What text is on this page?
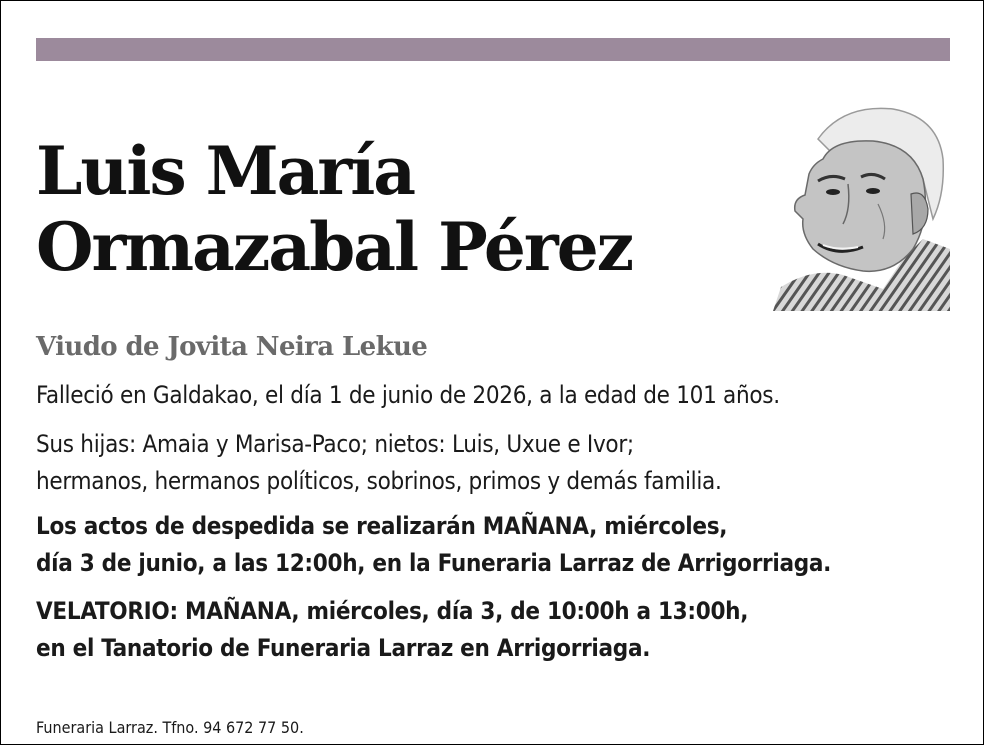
Luis María
Ormazabal Pérez

Viudo de Jovita Neira Lekue

Falleció en Galdakao, el día 1 de junio de 2026, a la edad de 101 años.

Sus hijas: Amaia y Marisa-Paco; nietos: Luis, Uxue e Ivor;
hermanos, hermanos políticos, sobrinos, primos y demás familia.

Los actos de despedida se realizarán MAÑANA, miércoles,
día 3 de junio, a las 12:00h, en la Funeraria Larraz de Arrigorriaga.

VELATORIO: MAÑANA, miércoles, día 3, de 10:00h a 13:00h,
en el Tanatorio de Funeraria Larraz en Arrigorriaga.

Funeraria Larraz. Tfno. 94 672 77 50.
